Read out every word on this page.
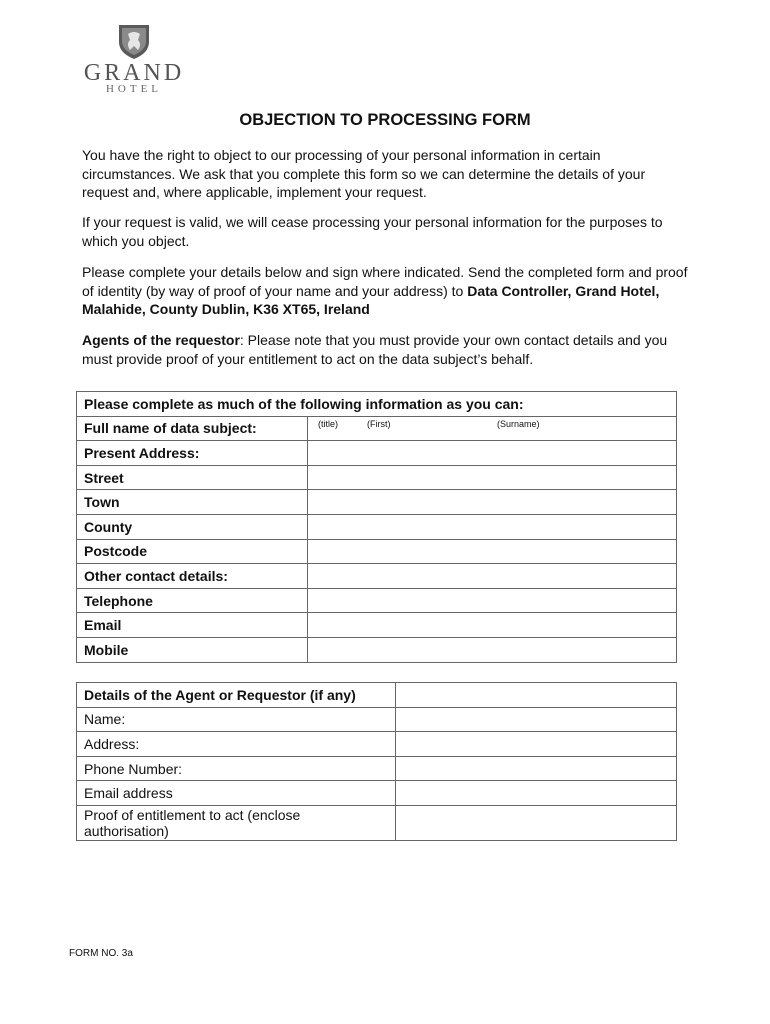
GRAND
HOTEL
OBJECTION TO PROCESSING FORM
You have the right to object to our processing of your personal information in certain circumstances. We ask that you complete this form so we can determine the details of your request and, where applicable, implement your request.
If your request is valid, we will cease processing your personal information for the purposes to which you object.
Please complete your details below and sign where indicated. Send the completed form and proof of identity (by way of proof of your name and your address) to Data Controller, Grand Hotel, Malahide, County Dublin, K36 XT65, Ireland
Agents of the requestor: Please note that you must provide your own contact details and you must provide proof of your entitlement to act on the data subject’s behalf.
Please complete as much of the following information as you can:	
Full name of data subject:	(title) (First) (Surname)

Present Address:	
Street	
Town	
County	
Postcode	
Other contact details:	
Telephone	
Email	
Mobile	
Details of the Agent or Requestor (if any)	
Name:	
Address:	
Phone Number:	
Email address	
Proof of entitlement to act (enclose authorisation)	
FORM NO. 3a
